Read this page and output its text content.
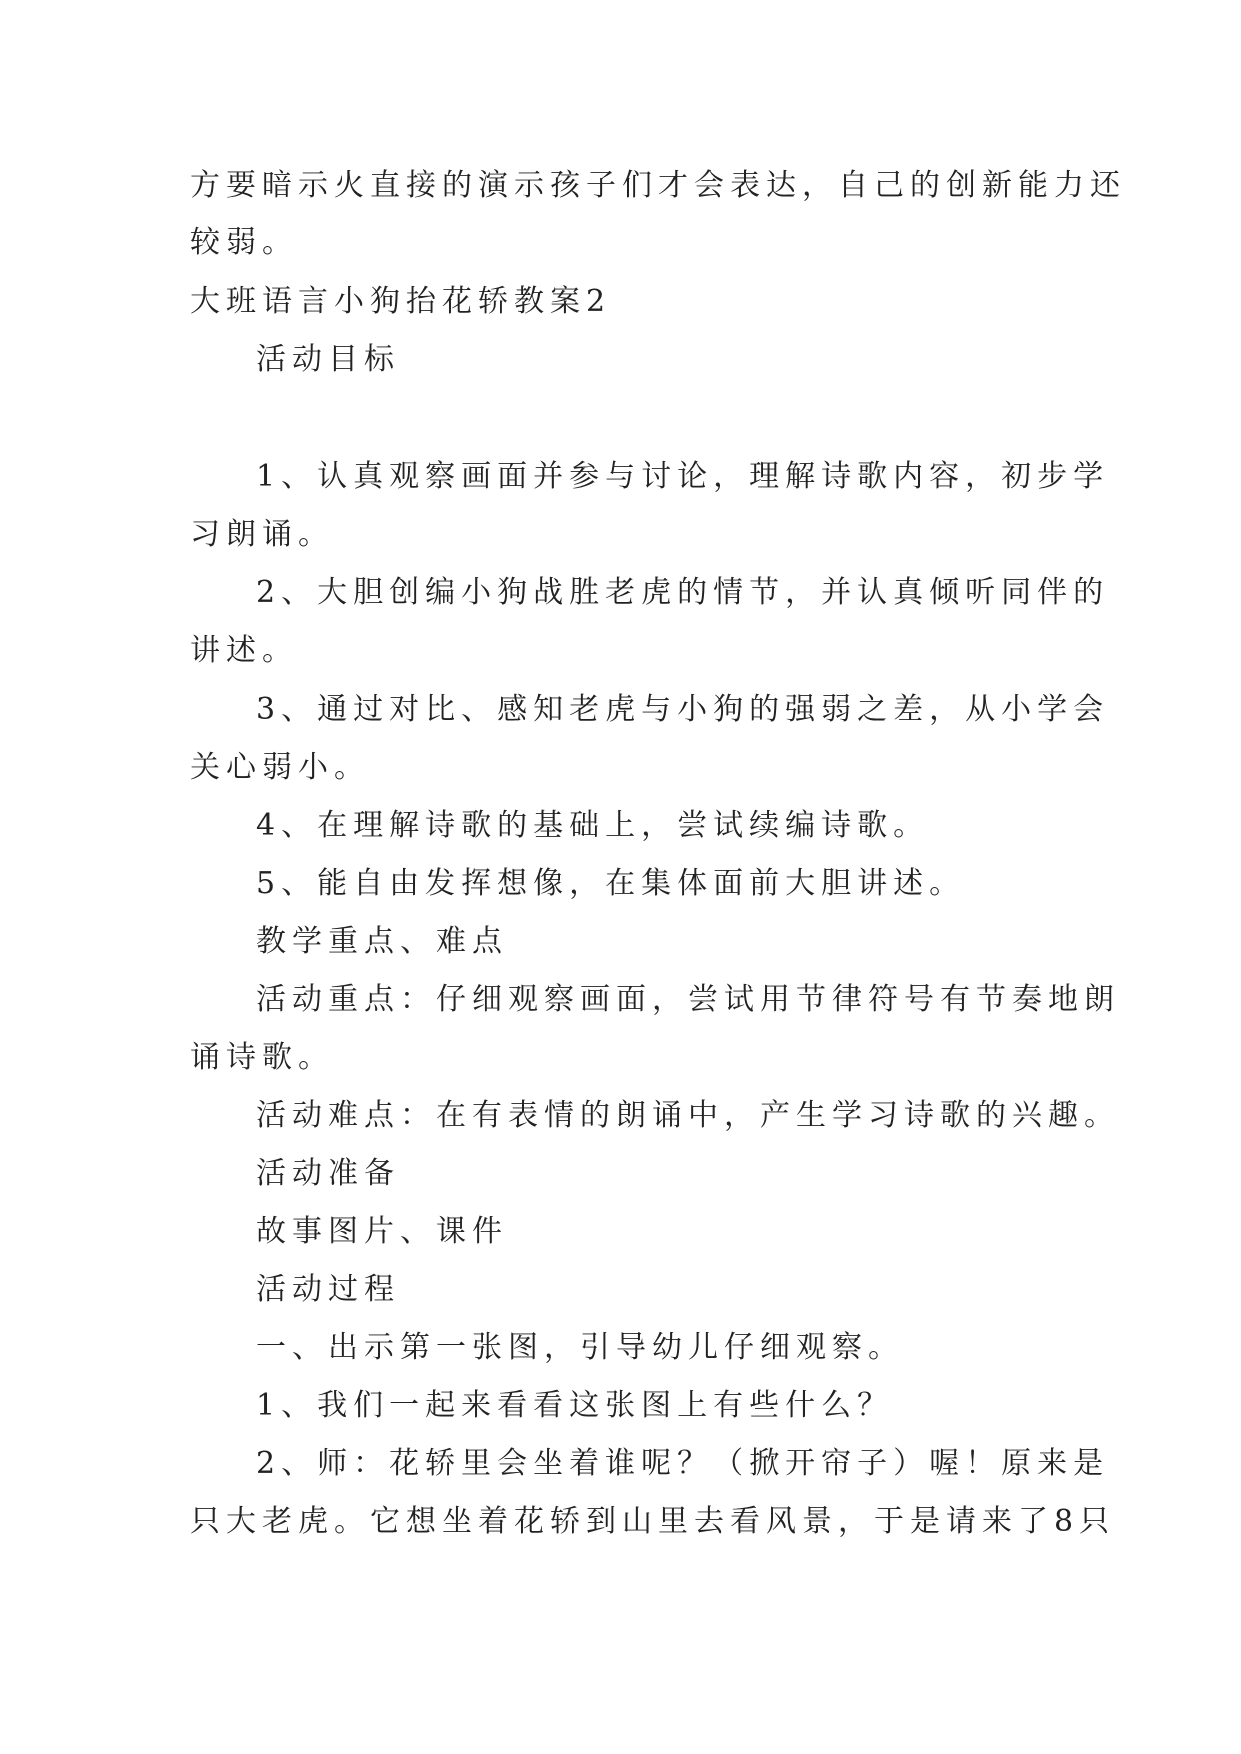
方要暗示火直接的演示孩子们才会表达，自己的创新能力还

较弱。

大班语言小狗抬花轿教案2

活动目标

1、认真观察画面并参与讨论，理解诗歌内容，初步学

习朗诵。

2、大胆创编小狗战胜老虎的情节，并认真倾听同伴的

讲述。

3、通过对比、感知老虎与小狗的强弱之差，从小学会

关心弱小。

4、在理解诗歌的基础上，尝试续编诗歌。

5、能自由发挥想像，在集体面前大胆讲述。

教学重点、难点

活动重点：仔细观察画面，尝试用节律符号有节奏地朗

诵诗歌。

活动难点：在有表情的朗诵中，产生学习诗歌的兴趣。

活动准备

故事图片、课件

活动过程

一、出示第一张图，引导幼儿仔细观察。

1、我们一起来看看这张图上有些什么？

2、师：花轿里会坐着谁呢？（掀开帘子）喔！原来是

只大老虎。它想坐着花轿到山里去看风景，于是请来了8只
